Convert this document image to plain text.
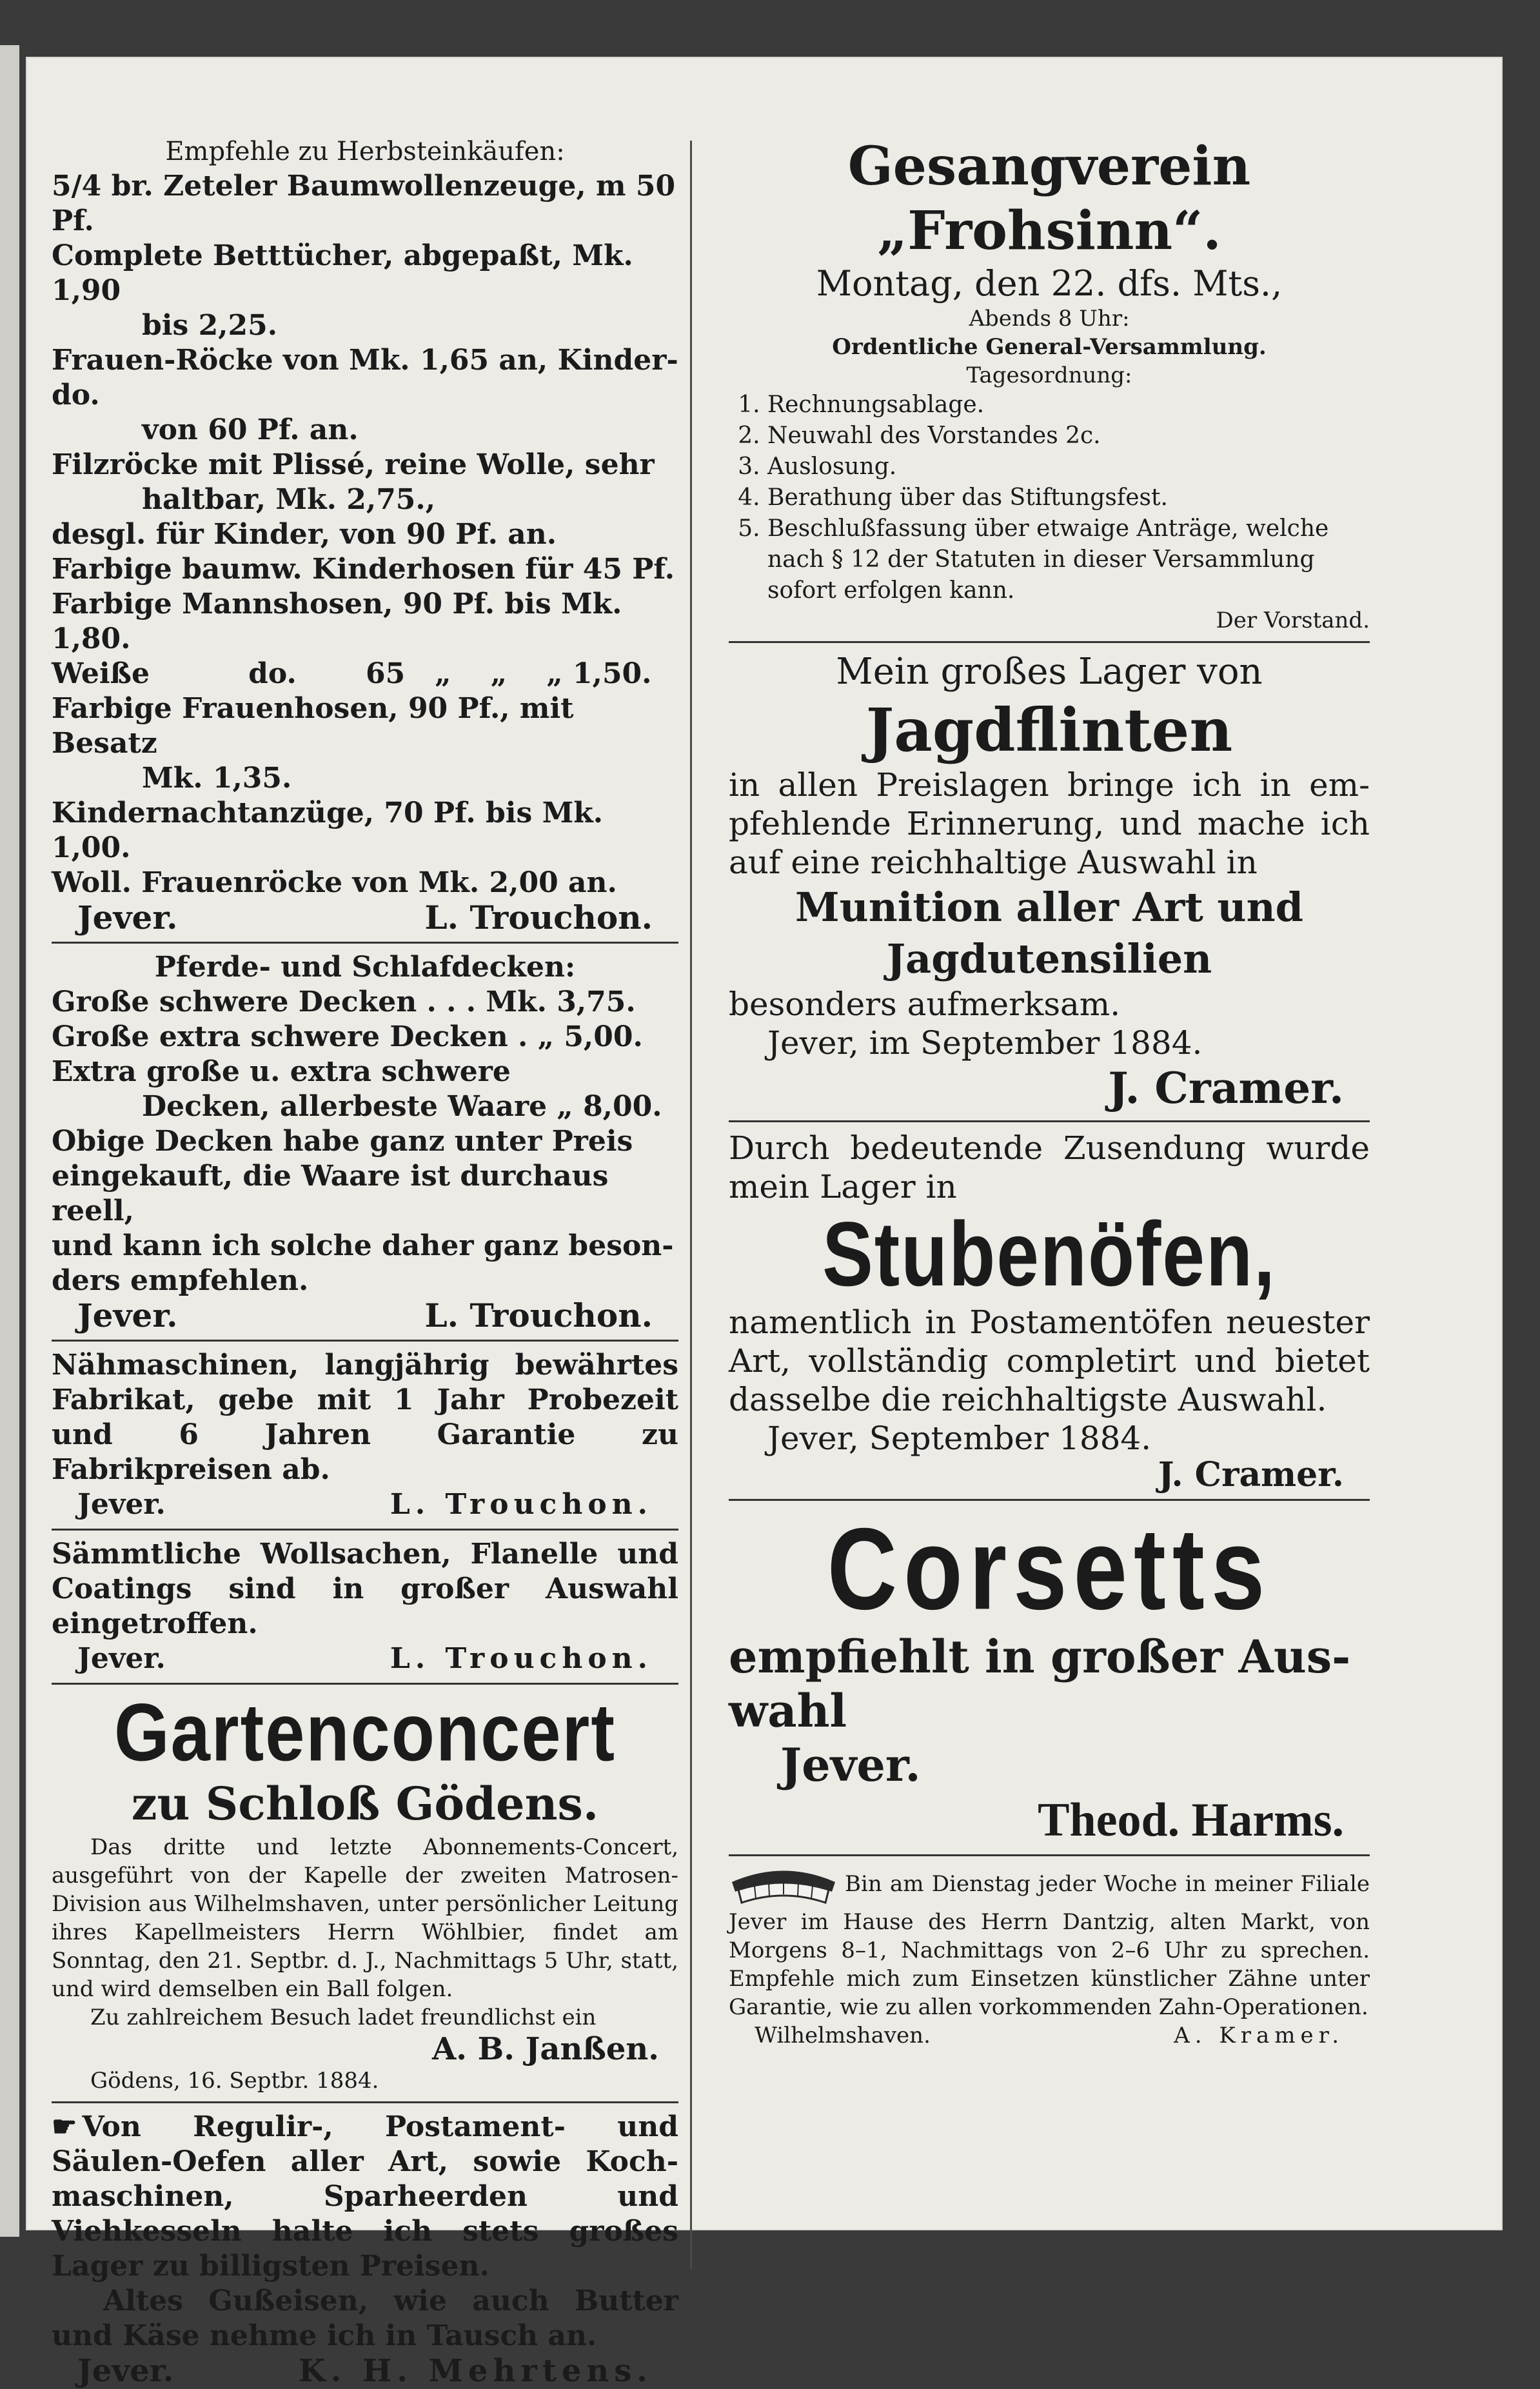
Empfehle zu Herbsteinkäufen:

5/4 br. Zeteler Baumwollenzeuge, m 50 Pf.

Complete Betttücher, abgepaßt, Mk. 1,90

bis 2,25.

Frauen-Röcke von Mk. 1,65 an, Kinder-do.

von 60 Pf. an.

Filzröcke mit Plissé, reine Wolle, sehr

haltbar, Mk. 2,75.,

desgl. für Kinder, von 90 Pf. an.

Farbige baumw. Kinderhosen für 45 Pf.

Farbige Mannshosen, 90 Pf. bis Mk. 1,80.

Weiße          do.       65   „    „    „ 1,50.

Farbige Frauenhosen, 90 Pf., mit Besatz

Mk. 1,35.

Kindernachtanzüge, 70 Pf. bis Mk. 1,00.

Woll. Frauenröcke von Mk. 2,00 an.

Jever.	L. Trouchon.

Pferde- und Schlafdecken:

Große schwere Decken . . . Mk. 3,75.

Große extra schwere Decken . „ 5,00.

Extra große u. extra schwere

Decken, allerbeste Waare „ 8,00.

Obige Decken habe ganz unter Preis

eingekauft, die Waare ist durchaus reell,

und kann ich solche daher ganz beson-

ders empfehlen.

Jever.	L. Trouchon.

Nähmaschinen, langjährig bewährtes Fabrikat, gebe mit 1 Jahr Probezeit und 6 Jahren Garantie zu Fabrikpreisen ab.

Jever.	L. Trouchon.

Sämmtliche Wollsachen, Flanelle und Coatings sind in großer Auswahl eingetroffen.

Jever.	L. Trouchon.
Gartenconcert
zu Schloß Gödens.

Das dritte und letzte Abonnements-Concert, ausgeführt von der Kapelle der zweiten Matrosen-Division aus Wilhelmshaven, unter persönlicher Leitung ihres Kapellmeisters Herrn Wöhlbier, findet am Sonntag, den 21. Septbr. d. J., Nachmittags 5 Uhr, statt, und wird demselben ein Ball folgen.

Zu zahlreichem Besuch ladet freundlichst ein

A. B. Janßen.

Gödens, 16. Septbr. 1884.

☛ Von Regulir-, Postament- und Säulen-Oefen aller Art, sowie Koch-maschinen, Sparheerden und Viehkesseln halte ich stets großes Lager zu billigsten Preisen.

Altes Gußeisen, wie auch Butter und Käse nehme ich in Tausch an.

Jever.	K. H. Mehrtens.
Gesangverein „Frohsinn“.

Montag, den 22. dfs. Mts.,

Abends 8 Uhr:

Ordentliche General-Versammlung.

Tagesordnung:

1. Rechnungsablage.
2. Neuwahl des Vorstandes 2c.
3. Auslosung.
4. Berathung über das Stiftungsfest.
5. Beschlußfassung über etwaige Anträge, welche nach § 12 der Statuten in dieser Versammlung sofort erfolgen kann.

Der Vorstand.

Mein großes Lager von

Jagdflinten

in allen Preislagen bringe ich in em-pfehlende Erinnerung, und mache ich auf eine reichhaltige Auswahl in

Munition aller Art und
Jagdutensilien

besonders aufmerksam.

Jever, im September 1884.

J. Cramer.

Durch bedeutende Zusendung wurde mein Lager in

Stubenöfen,

namentlich in Postamentöfen neuester Art, vollständig completirt und bietet dasselbe die reichhaltigste Auswahl.

Jever, September 1884.

J. Cramer.

Corsetts

empfiehlt in großer Aus-wahl

Jever.

Theod. Harms.

Bin am Dienstag jeder Woche in meiner Filiale Jever im Hause des Herrn Dantzig, alten Markt, von Morgens 8–1, Nachmittags von 2–6 Uhr zu sprechen. Empfehle mich zum Einsetzen künstlicher Zähne unter Garantie, wie zu allen vorkommenden Zahn-Operationen.

Wilhelmshaven.	A. Kramer.
